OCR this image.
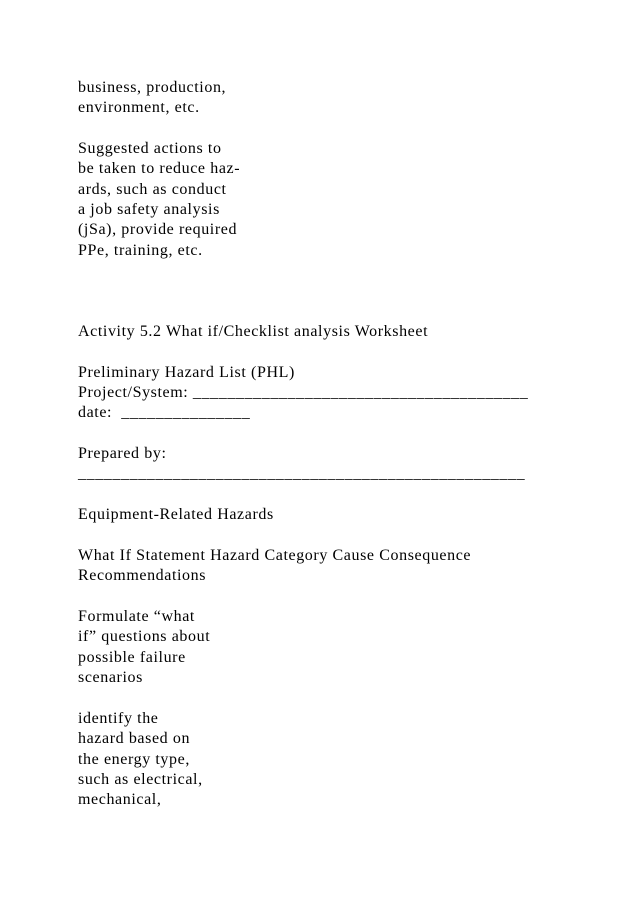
business, production,
environment, etc.
Suggested actions to
be taken to reduce haz-
ards, such as conduct
a job safety analysis
(jSa), provide required
PPe, training, etc.
Activity 5.2 What if/Checklist analysis Worksheet
Preliminary Hazard List (PHL)
Project/System: _______________________________________
date:  _______________
Prepared by:
____________________________________________________
Equipment-Related Hazards
What If Statement Hazard Category Cause Consequence
Recommendations
Formulate “what
if” questions about
possible failure
scenarios
identify the
hazard based on
the energy type,
such as electrical,
mechanical,
